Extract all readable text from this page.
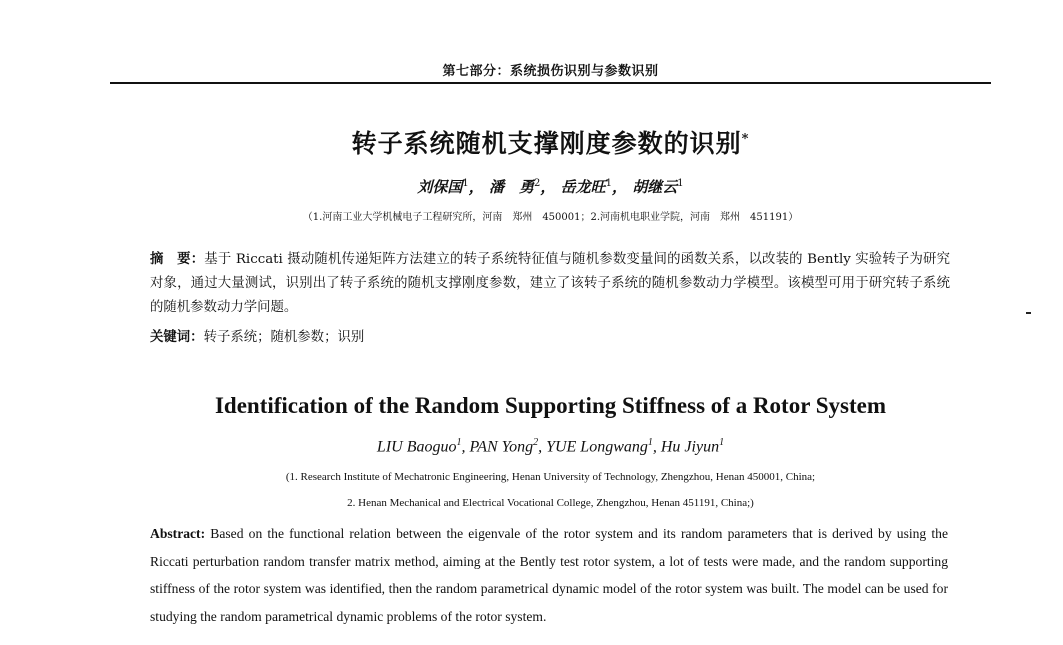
第七部分：系统损伤识别与参数识别
转子系统随机支撑刚度参数的识别*
刘保国$^1$， 潘　勇$^2$， 岳龙旺$^1$， 胡继云$^1$
（1.河南工业大学机械电子工程研究所，河南　郑州　450001；2.河南机电职业学院，河南　郑州　451191）
摘　要：基于 Riccati 摄动随机传递矩阵方法建立的转子系统特征值与随机参数变量间的函数关系，以改装的 Bently 实验转子为研究对象，通过大量测试，识别出了转子系统的随机支撑刚度参数，建立了该转子系统的随机参数动力学模型。该模型可用于研究转子系统的随机参数动力学问题。
关键词：转子系统；随机参数；识别
Identification of the Random Supporting Stiffness of a Rotor System
LIU Baoguo$^1$, PAN Yong$^2$, YUE Longwang$^1$, Hu Jiyun$^1$
(1. Research Institute of Mechatronic Engineering, Henan University of Technology, Zhengzhou, Henan 450001, China;
2. Henan Mechanical and Electrical Vocational College, Zhengzhou, Henan 451191, China;)
Abstract: Based on the functional relation between the eigenvale of the rotor system and its random parameters that is derived by using the Riccati perturbation random transfer matrix method, aiming at the Bently test rotor system, a lot of tests were made, and the random supporting stiffness of the rotor system was identified, then the random parametrical dynamic model of the rotor system was built. The model can be used for studying the random parametrical dynamic problems of the rotor system.
